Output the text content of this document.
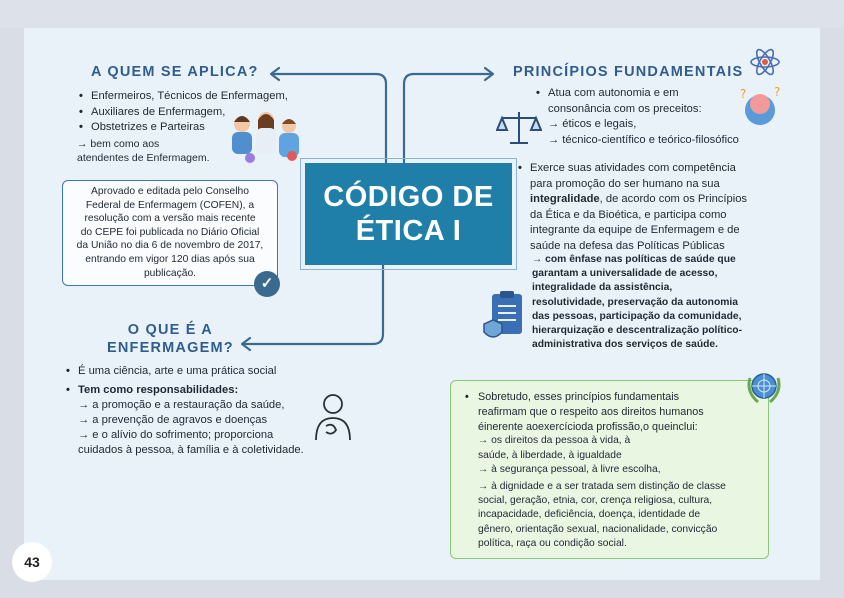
A QUEM SE APLICA?
• Enfermeiros, Técnicos de Enfermagem,
• Auxiliares de Enfermagem,
• Obstetrizes e Parteiras
→ bem como aos
atendentes de Enfermagem.
Aprovado e editada pelo Conselho
Federal de Enfermagem (COFEN), a
resolução com a versão mais recente
do CEPE foi publicada no Diário Oficial
da União no dia 6 de novembro de 2017,
entrando em vigor 120 dias após sua
publicação.
✓
CÓDIGO DE
ÉTICA I
PRINCÍPIOS FUNDAMENTAIS
? ?
• Atua com autonomia e em
consonância com os preceitos:
→ éticos e legais,
→ técnico-científico e teórico-filosófico
• Exerce suas atividades com competência
para promoção do ser humano na sua
integralidade, de acordo com os Princípios
da Ética e da Bioética, e participa como
integrante da equipe de Enfermagem e de
saúde na defesa das Políticas Públicas
→ com ênfase nas políticas de saúde que
garantam a universalidade de acesso,
integralidade da assistência,
resolutividade, preservação da autonomia
das pessoas, participação da comunidade,
hierarquização e descentralização político-
administrativa dos serviços de saúde.
O QUE É A
ENFERMAGEM?
• É uma ciência, arte e uma prática social
• Tem como responsabilidades:
→ a promoção e a restauração da saúde,
→ a prevenção de agravos e doenças
→ e o alívio do sofrimento; proporciona
cuidados à pessoa, à família e à coletividade.
• Sobretudo, esses princípios fundamentais
reafirmam que o respeito aos direitos humanos
éinerente aoexercícioda profissão,o queinclui:
→ os direitos da pessoa à vida, à
saúde, à liberdade, à igualdade
→ à segurança pessoal, à livre escolha,
→ à dignidade e a ser tratada sem distinção de classe
social, geração, etnia, cor, crença religiosa, cultura,
incapacidade, deficiência, doença, identidade de
gênero, orientação sexual, nacionalidade, convicção
política, raça ou condição social.
43
